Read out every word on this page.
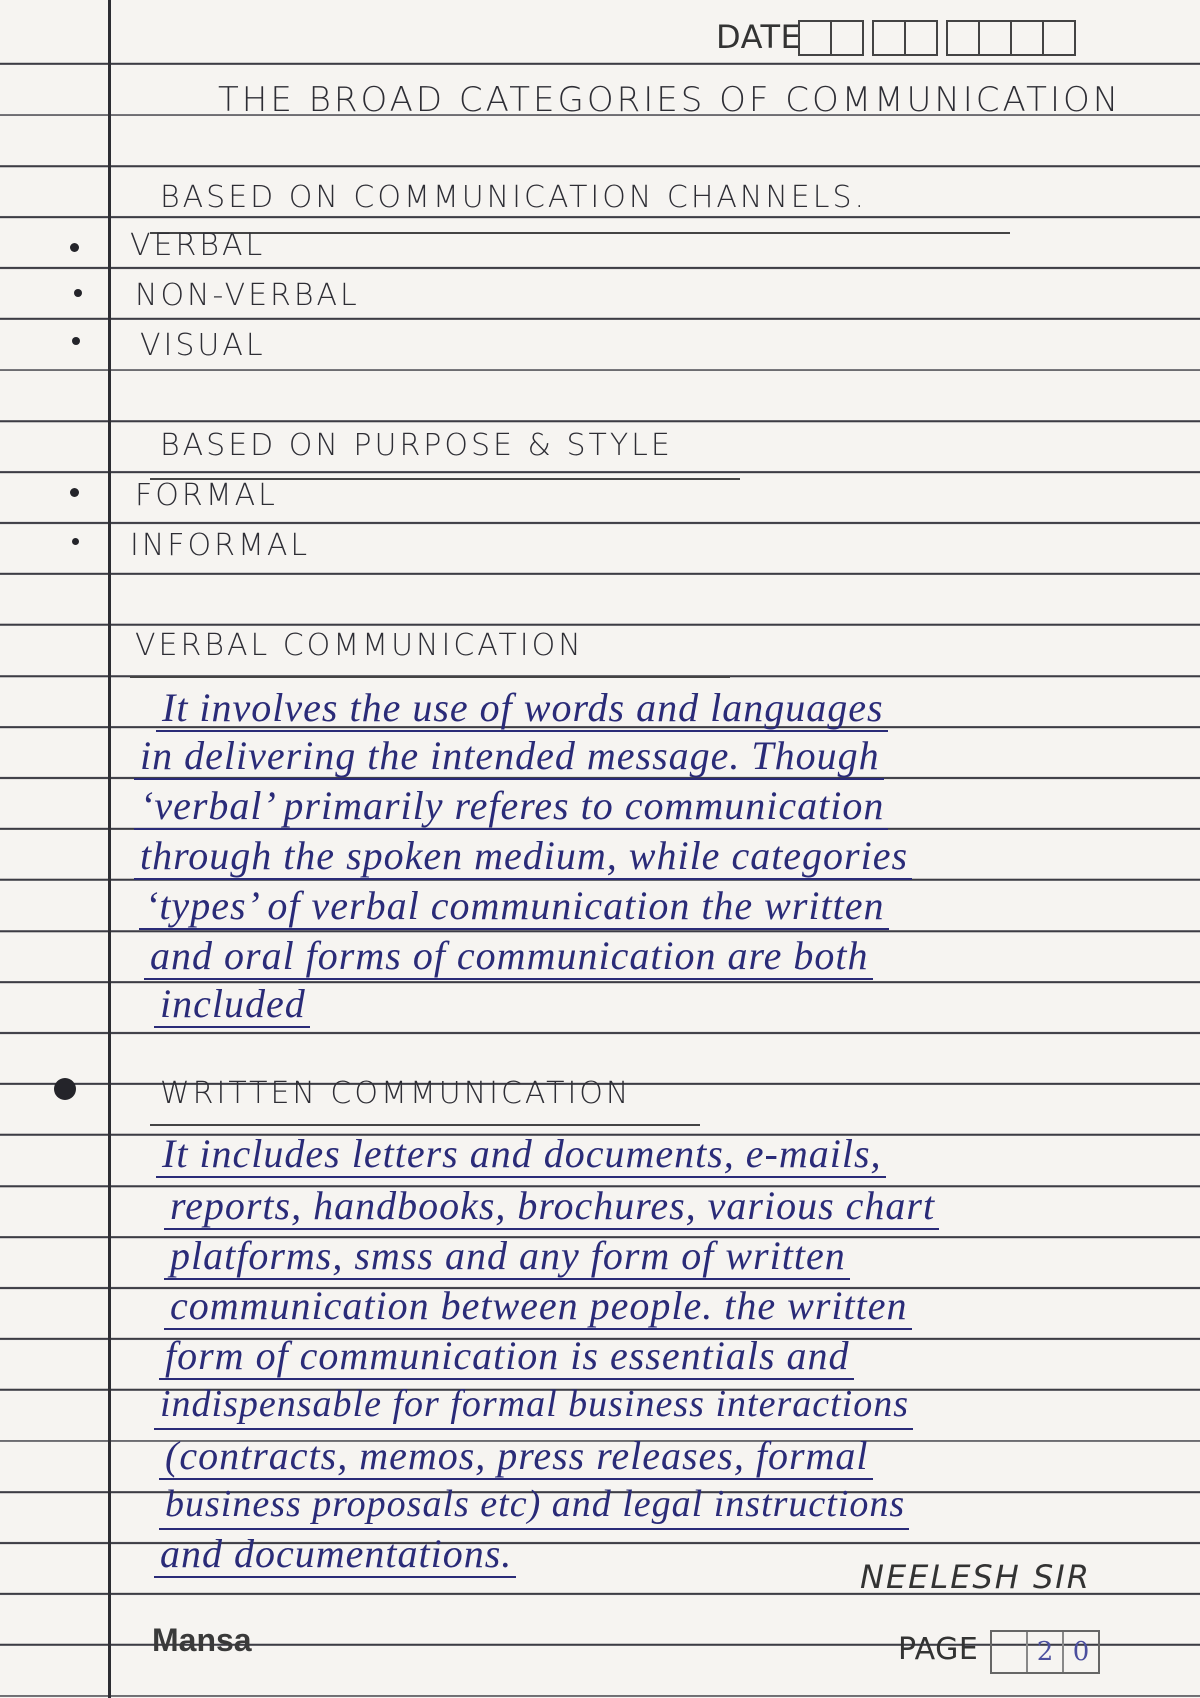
DATE
THE BROAD CATEGORIES OF COMMUNICATION
BASED ON COMMUNICATION CHANNELS.
VERBAL
NON-VERBAL
VISUAL
BASED ON PURPOSE & STYLE
FORMAL
INFORMAL
VERBAL COMMUNICATION
It involves the use of words and languages
in delivering the intended message. Though
‘verbal’ primarily referes to communication
through the spoken medium, while categories
‘types’ of verbal communication the written
and oral forms of communication are both
included
WRITTEN COMMUNICATION
It includes letters and documents, e-mails,
reports, handbooks, brochures, various chart
platforms, smss and any form of written
communication between people. the written
form of communication is essentials and
indispensable for formal business interactions
(contracts, memos, press releases, formal
business proposals etc) and legal instructions
and documentations.
NEELESH SIR
Mansa	PAGE	2 0
